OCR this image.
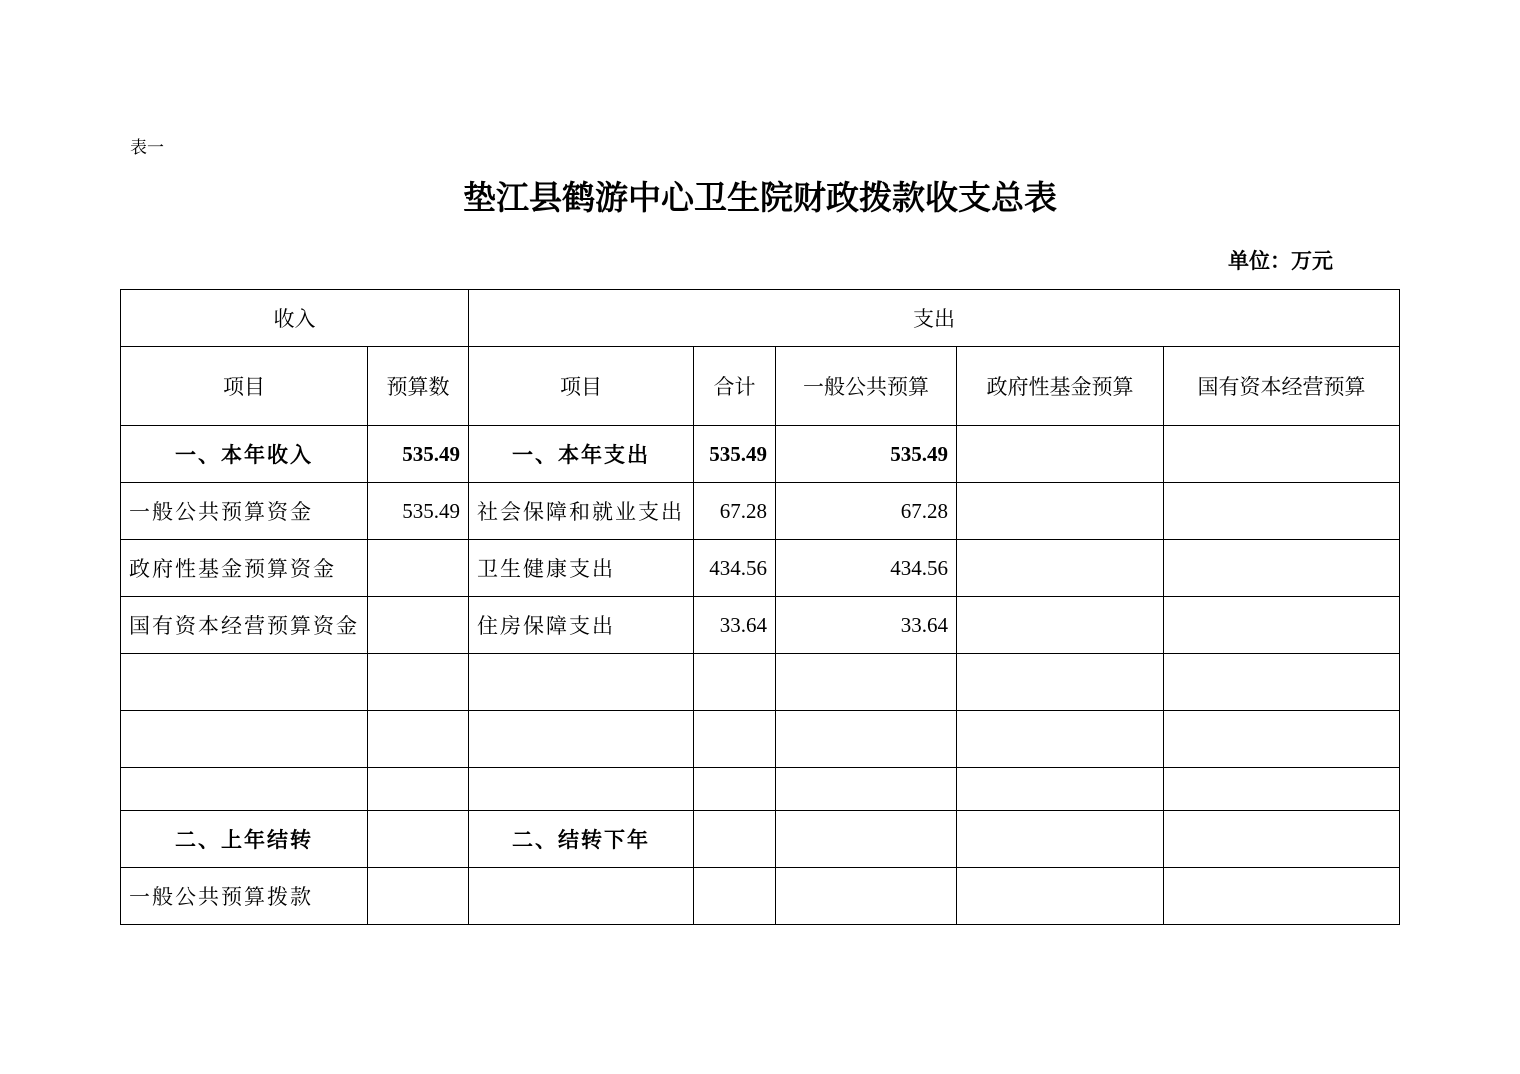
表一
垫江县鹤游中心卫生院财政拨款收支总表
单位：万元
收入		支出				
项目	预算数	项目	合计	一般公共预算	政府性基金预算	国有资本经营预算
一、本年收入	535.49	一、本年支出	535.49	535.49		
一般公共预算资金	535.49	社会保障和就业支出	67.28	67.28		
政府性基金预算资金		卫生健康支出	434.56	434.56		
国有资本经营预算资金		住房保障支出	33.64	33.64		

二、上年结转		二、结转下年				
一般公共预算拨款						
